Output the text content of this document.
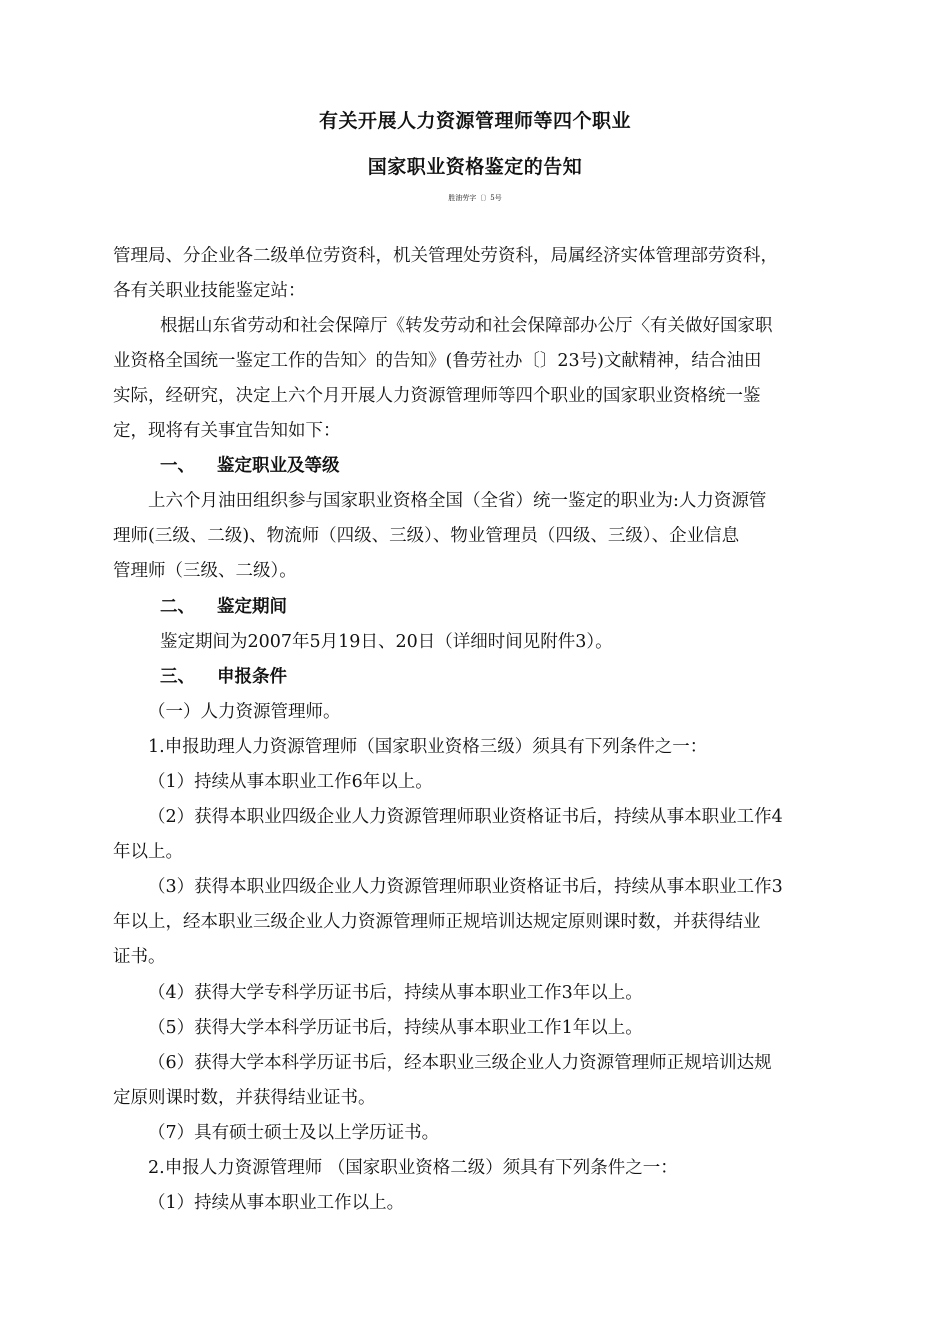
有关开展人力资源管理师等四个职业
国家职业资格鉴定的告知
胜油劳字〔〕5号
管理局、分企业各二级单位劳资科，机关管理处劳资科，局属经济实体管理部劳资科，
各有关职业技能鉴定站：
根据山东省劳动和社会保障厅《转发劳动和社会保障部办公厅〈有关做好国家职
业资格全国统一鉴定工作的告知〉的告知》(鲁劳社办〔〕23号)文献精神，结合油田
实际，经研究，决定上六个月开展人力资源管理师等四个职业的国家职业资格统一鉴
定，现将有关事宜告知如下：
一、 鉴定职业及等级
上六个月油田组织参与国家职业资格全国（全省）统一鉴定的职业为:人力资源管
理师(三级、二级)、物流师（四级、三级）、物业管理员（四级、三级）、企业信息
管理师（三级、二级）。
二、 鉴定期间
鉴定期间为2007年5月19日、20日（详细时间见附件3）。
三、 申报条件
（一）人力资源管理师。
1.申报助理人力资源管理师（国家职业资格三级）须具有下列条件之一：
（1）持续从事本职业工作6年以上。
（2）获得本职业四级企业人力资源管理师职业资格证书后，持续从事本职业工作4
年以上。
（3）获得本职业四级企业人力资源管理师职业资格证书后，持续从事本职业工作3
年以上，经本职业三级企业人力资源管理师正规培训达规定原则课时数，并获得结业
证书。
（4）获得大学专科学历证书后，持续从事本职业工作3年以上。
（5）获得大学本科学历证书后，持续从事本职业工作1年以上。
（6）获得大学本科学历证书后，经本职业三级企业人力资源管理师正规培训达规
定原则课时数，并获得结业证书。
（7）具有硕士硕士及以上学历证书。
2.申报人力资源管理师 （国家职业资格二级）须具有下列条件之一：
（1）持续从事本职业工作以上。
